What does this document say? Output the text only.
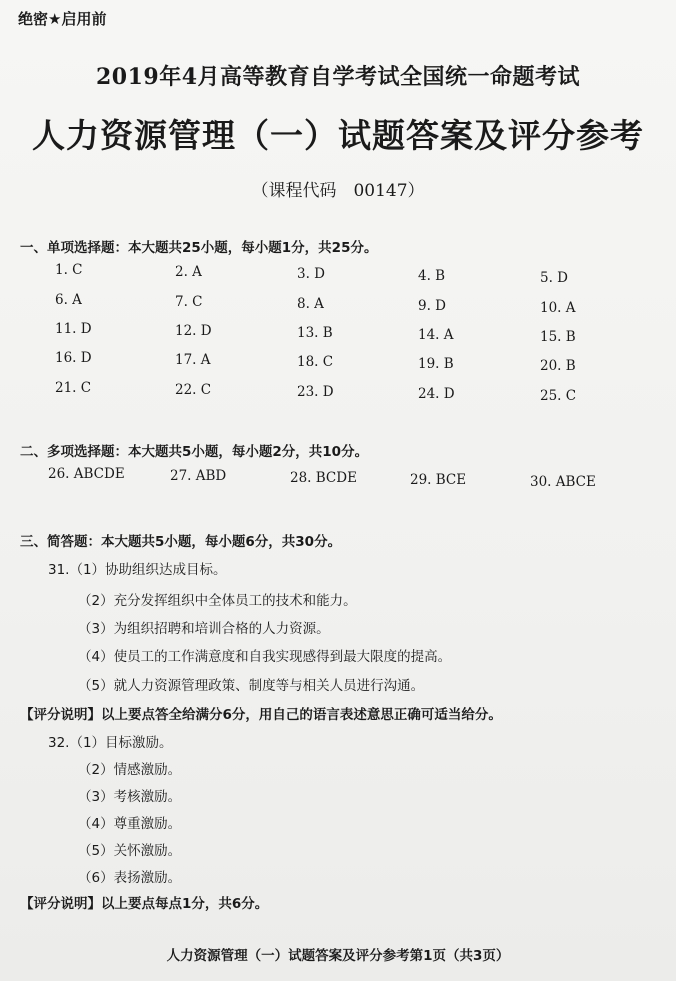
绝密★启用前
2019年4月高等教育自学考试全国统一命题考试
人力资源管理（一）试题答案及评分参考
（课程代码　00147）
一、单项选择题：本大题共25小题，每小题1分，共25分。
二、多项选择题：本大题共5小题，每小题2分，共10分。
三、简答题：本大题共5小题，每小题6分，共30分。
31.（1）协助组织达成目标。
（2）充分发挥组织中全体员工的技术和能力。
（3）为组织招聘和培训合格的人力资源。
（4）使员工的工作满意度和自我实现感得到最大限度的提高。
（5）就人力资源管理政策、制度等与相关人员进行沟通。
【评分说明】以上要点答全给满分6分，用自己的语言表述意思正确可适当给分。
32.（1）目标激励。
（2）情感激励。
（3）考核激励。
（4）尊重激励。
（5）关怀激励。
（6）表扬激励。
【评分说明】以上要点每点1分，共6分。
人力资源管理（一）试题答案及评分参考第1页（共3页）
1. C	2. A	3. D	4. B	5. D
6. A	7. C	8. A	9. D	10. A
11. D	12. D	13. B	14. A	15. B
16. D	17. A	18. C	19. B	20. B
21. C	22. C	23. D	24. D	25. C
26. ABCDE	27. ABD	28. BCDE	29. BCE	30. ABCE
